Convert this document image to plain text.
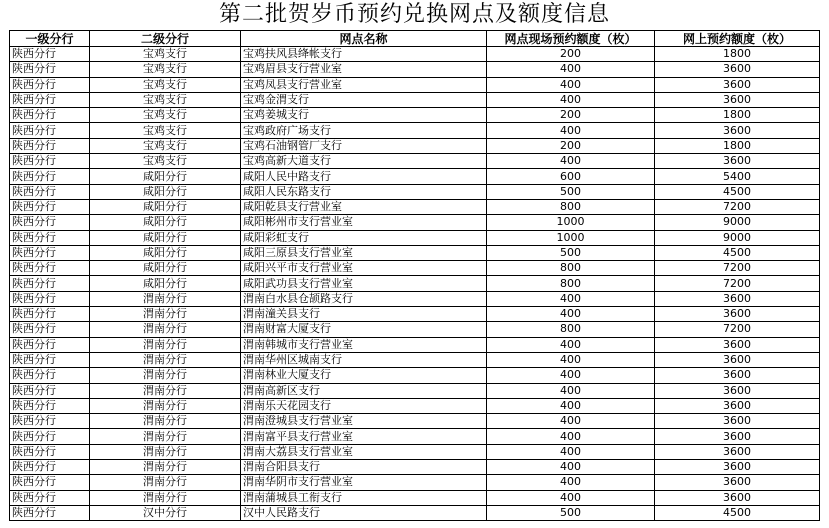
第二批贺岁币预约兑换网点及额度信息
一级分行	二级分行	网点名称	网点现场预约额度（枚）	网上预约额度（枚）
陕西分行	宝鸡支行	宝鸡扶风县绛帐支行	200	1800
陕西分行	宝鸡支行	宝鸡眉县支行营业室	400	3600
陕西分行	宝鸡支行	宝鸡凤县支行营业室	400	3600
陕西分行	宝鸡支行	宝鸡金渭支行	400	3600
陕西分行	宝鸡支行	宝鸡姜城支行	200	1800
陕西分行	宝鸡支行	宝鸡政府广场支行	400	3600
陕西分行	宝鸡支行	宝鸡石油钢管厂支行	200	1800
陕西分行	宝鸡支行	宝鸡高新大道支行	400	3600
陕西分行	咸阳分行	咸阳人民中路支行	600	5400
陕西分行	咸阳分行	咸阳人民东路支行	500	4500
陕西分行	咸阳分行	咸阳乾县支行营业室	800	7200
陕西分行	咸阳分行	咸阳彬州市支行营业室	1000	9000
陕西分行	咸阳分行	咸阳彩虹支行	1000	9000
陕西分行	咸阳分行	咸阳三原县支行营业室	500	4500
陕西分行	咸阳分行	咸阳兴平市支行营业室	800	7200
陕西分行	咸阳分行	咸阳武功县支行营业室	800	7200
陕西分行	渭南分行	渭南白水县仓颉路支行	400	3600
陕西分行	渭南分行	渭南潼关县支行	400	3600
陕西分行	渭南分行	渭南财富大厦支行	800	7200
陕西分行	渭南分行	渭南韩城市支行营业室	400	3600
陕西分行	渭南分行	渭南华州区城南支行	400	3600
陕西分行	渭南分行	渭南林业大厦支行	400	3600
陕西分行	渭南分行	渭南高新区支行	400	3600
陕西分行	渭南分行	渭南乐天花园支行	400	3600
陕西分行	渭南分行	渭南澄城县支行营业室	400	3600
陕西分行	渭南分行	渭南富平县支行营业室	400	3600
陕西分行	渭南分行	渭南大荔县支行营业室	400	3600
陕西分行	渭南分行	渭南合阳县支行	400	3600
陕西分行	渭南分行	渭南华阴市支行营业室	400	3600
陕西分行	渭南分行	渭南蒲城县工衔支行	400	3600
陕西分行	汉中分行	汉中人民路支行	500	4500
